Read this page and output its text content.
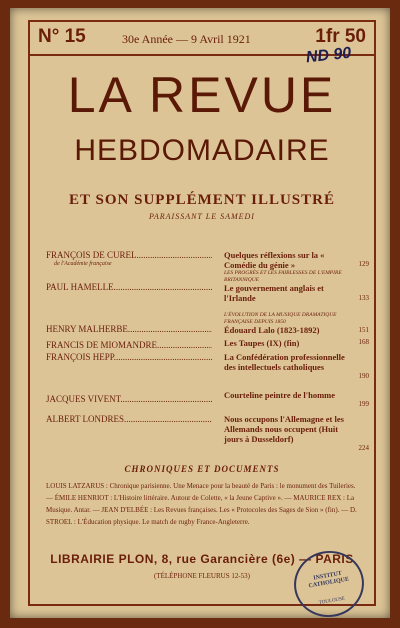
N° 15	30e Année — 9 Avril 1921	1fr 50
ND 90
LA REVUE
HEBDOMADAIRE
ET SON SUPPLÉMENT ILLUSTRÉ
PARAISSANT LE SAMEDI
FRANÇOIS DE CUREL .....
de l'Académie française
Quelques réflexions sur la « Comédie du génie »	129
PAUL HAMELLE .....
LES PROGRÈS ET LES FAIBLESSES DE L'EMPIRE BRITANNIQUE
Le gouvernement anglais et l'Irlande	133
HENRY MALHERBE .....
L'ÉVOLUTION DE LA MUSIQUE DRAMATIQUE FRANÇAISE DEPUIS 1850
Édouard Lalo (1823-1892)	151
FRANCIS DE MIOMANDRE .....	Les Taupes (IX) (fin)	168
FRANÇOIS HEPP .....	La Confédération professionnelle des intellectuels catholiques
190
JACQUES VIVENT .....	Courteline peintre de l'homme
199
ALBERT LONDRES .....	Nous occupons l'Allemagne et les Allemands nous occupent (Huit jours à Dusseldorf)
224
CHRONIQUES ET DOCUMENTS
LOUIS LATZARUS : Chronique parisienne. Une Menace pour la beauté de Paris : le monument des Tuileries. — ÉMILE HENRIOT : L'Histoire littéraire. Autour de Colette, « la Jeune Captive ». — MAURICE REX : La Musique. Antar. — JEAN D'ELBÉE : Les Revues françaises. Les « Protocoles des Sages de Sion » (fin). — D. STROEL : L'Éducation physique. Le match de rugby France-Angleterre.
LIBRAIRIE PLON, 8, rue Garancière (6e) — PARIS
(TÉLÉPHONE FLEURUS 12-53)	INSTITUT CATHOLIQUE
TOULOUSE
